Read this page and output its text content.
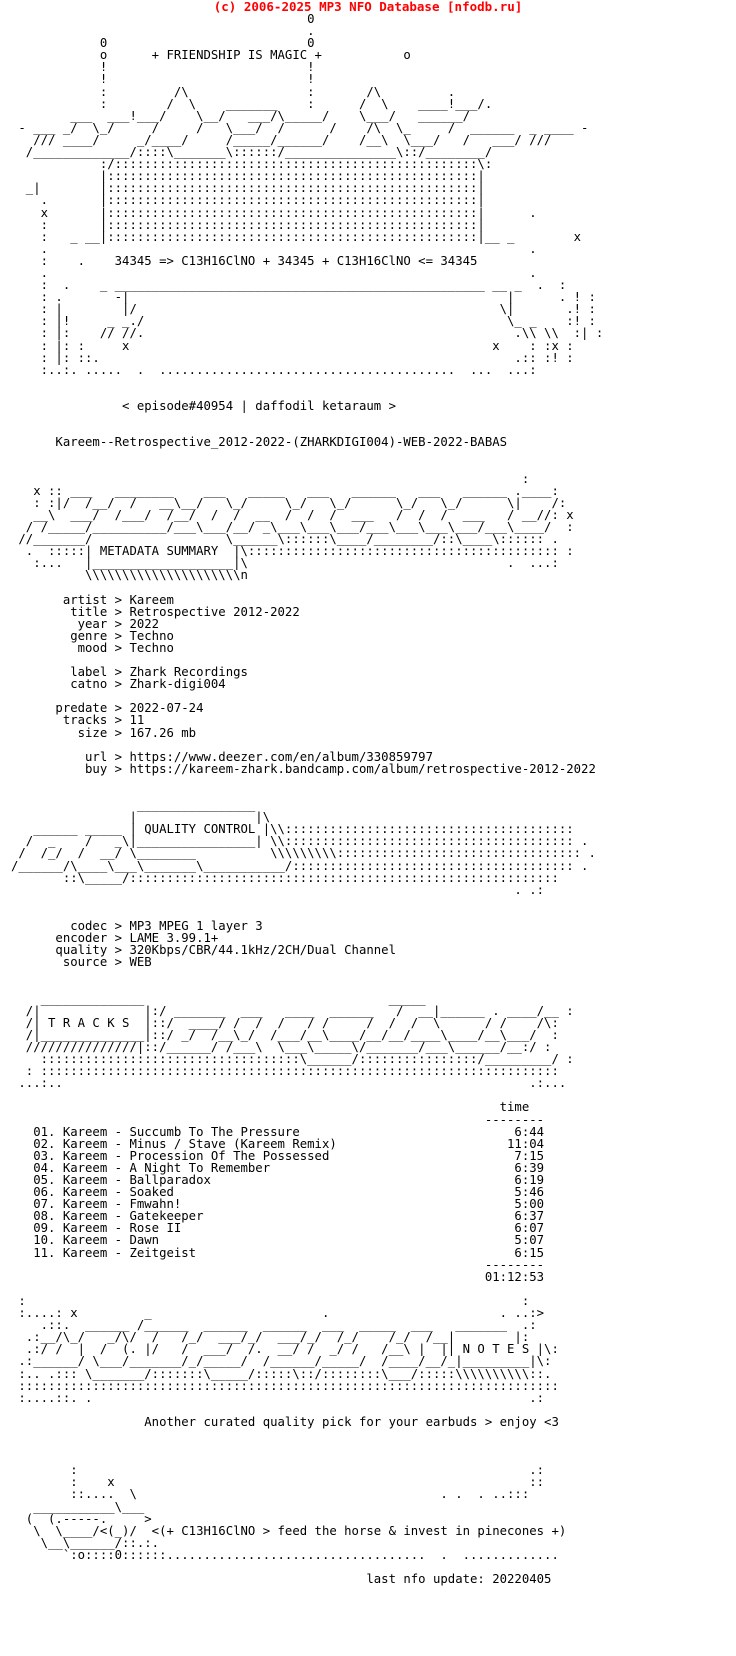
(c) 2006-2025 MP3 NFO Database [nfodb.ru]
0
.
0                           0
o      + FRIENDSHIP IS MAGIC +           o
!                           !
!                           !
:         /\                :       /\         .
:        /  \    _______    :      /  \    ____!___/.
___  ___!___/    \__/   ___/\_____/    \___/   ______/
- ___ _/  \_/     /     /   \___/  /      /    /\  \_     /  ______  _ ____ -
/// ____/     _/____/     /_____/______/    /__\  \___/   /   ___/ ///
/_____________/::::\_______\::::::/_______________\::/________/
:/:::::::::::::::::::::::::::::::::::::::::::::::::\:
|::::::::::::::::::::::::::::::::::::::::::::::::::|
_|        |::::::::::::::::::::::::::::::::::::::::::::::::::|
.       |::::::::::::::::::::::::::::::::::::::::::::::::::|
x       |::::::::::::::::::::::::::::::::::::::::::::::::::|      .
:       |::::::::::::::::::::::::::::::::::::::::::::::::::|
:   _ __|::::::::::::::::::::::::::::::::::::::::::::::::::|__ _        x
.                                                                 .
:    .    34345 => C13H16ClNO + 34345 + C13H16ClNO <= 34345
.                                                                 .
:  .    _ __________________________________________________ __ _  .  :
: .       -|                                                   |      . ! :
: |        |/                                                 \|       .! :
: |!     _ _./                                                 \_ _    :! :
: |:    // //.                                                  .\\ \\  :| :
: |: :     x                                                 x    : :x :
: |: ::.                                                        .:: :! :
:..:. .....  .  ........................................  ...  ...:

< episode#40954 | daffodil ketaraum >

Kareem--Retrospective_2012-2022-(ZHARKDIGI004)-WEB-2022-BABAS

:
x :: ___   ________    ___   _____   ___   ______   ___   ______ .____:
: :|/  /__/  /   __\__/   \_/     \_/   \_/      \_/   \_/      \|    /:
__\  ___/  /___/  /__/  /  /  __  /  /  /  ___   /  /  /  ___   / __//: x
/ /_____/__________/___\___/__/ _\___\___\___/___\___\___\___/___\____/  :
//_______/                  \______\::::::\____/________/::\____\:::::: .
.  :::::| METADATA SUMMARY  |\:::::::::::::::::::::::::::::::::::::::::: :
:...   |___________________|\                                   .  ...:
\\\\\\\\\\\\\\\\\\\\\n

artist > Kareem
title > Retrospective 2012-2022
year > 2022
genre > Techno
mood > Techno

label > Zhark Recordings
catno > Zhark-digi004

predate > 2022-07-24
tracks > 11
size > 167.26 mb

url > https://www.deezer.com/en/album/330859797
buy > https://kareem-zhark.bandcamp.com/album/retrospective-2012-2022

________________
|                |\
______ _____ | QUALITY CONTROL |\\:::::::::::::::::::::::::::::::::::::::
/  _    /   _\|________________| \\::::::::::::::::::::::::::::::::::::::: .
/  /_/  /  __/ \________          \\\\\\\\\::::::::::::::::::::::::::::::::: .
/______/\____\___\_______\___________/:::::::::::::::::::::::::::::::::::::: .
::\_____/::::::::::::::::::::::::::::::::::::::::::::::::::::::::::
. .:

codec > MP3 MPEG 1 layer 3
encoder > LAME 3.99.1+
quality > 320Kbps/CBR/44.1kHz/2CH/Dual Channel
source > WEB

______________                                 _____
/|              |:/ _______  ___   ____  ______   /  __|______ . ____/__ :
/| T R A C K S  |::/  ____/ /  /  /   / /     /  /  /  \      / /    /\:
/|______________|::/ _/  /__\_/  /___/__\____/__/__/____\____/__\___/  :
///////////////|::/______/ /___\  \___\_____\/_______/___\______/__:/ :
:::::::::::::::::::::::::::::::::::\______/::::::::::::::::/_________/ :
: ::::::::::::::::::::::::::::::::::::::::::::::::::::::::::::::::::::::
...:..                                                               .:...

time
--------
01. Kareem - Succumb To The Pressure                             6:44
02. Kareem - Minus / Stave (Kareem Remix)                       11:04
03. Kareem - Procession Of The Possessed                         7:15
04. Kareem - A Night To Remember                                 6:39
05. Kareem - Ballparadox                                         6:19
06. Kareem - Soaked                                              5:46
07. Kareem - Fmwahn!                                             5:00
08. Kareem - Gatekeeper                                          6:37
09. Kareem - Rose II                                             6:07
10. Kareem - Dawn                                                5:07
11. Kareem - Zeitgeist                                           6:15
--------
01:12:53

:                                                                   :
:....: x         _                       .                       . ..:>
.::.  ______ /______  ______  ______  ___  _____  ___   _______  .:
.:__/\_/   _/\/  /   /_/  ___/_/  ___/_/  /_/    /_/  /__|        |:
.:/ /  |  /  (. |/   /  ___/  /.  __/ /  _/ /   /__\ |  || N O T E S |\:
.:______/ \___/_______/_/_____/  /______/_____/  /____/__/_|_________|\:
:.. .::: \_______/:::::::\_____/:::::\::/::::::::\___/:::::\\\\\\\\\\::.
:::::::::::::::::::::::::::::::::::::::::::::::::::::::::::::::::::::::::
:....::. .                                                           .:

Another curated quality pick for your earbuds > enjoy <3

:                                                             .:
:    x                                                        ::
::....  \                                         . .  . ..:::
___________\___
(  (.-----.     >
\  \____/<(_)/  <(+ C13H16ClNO > feed the horse & invest in pinecones +)
\__\______/::.:.
`:o::::0::::::...................................  .  .............

last nfo update: 20220405
